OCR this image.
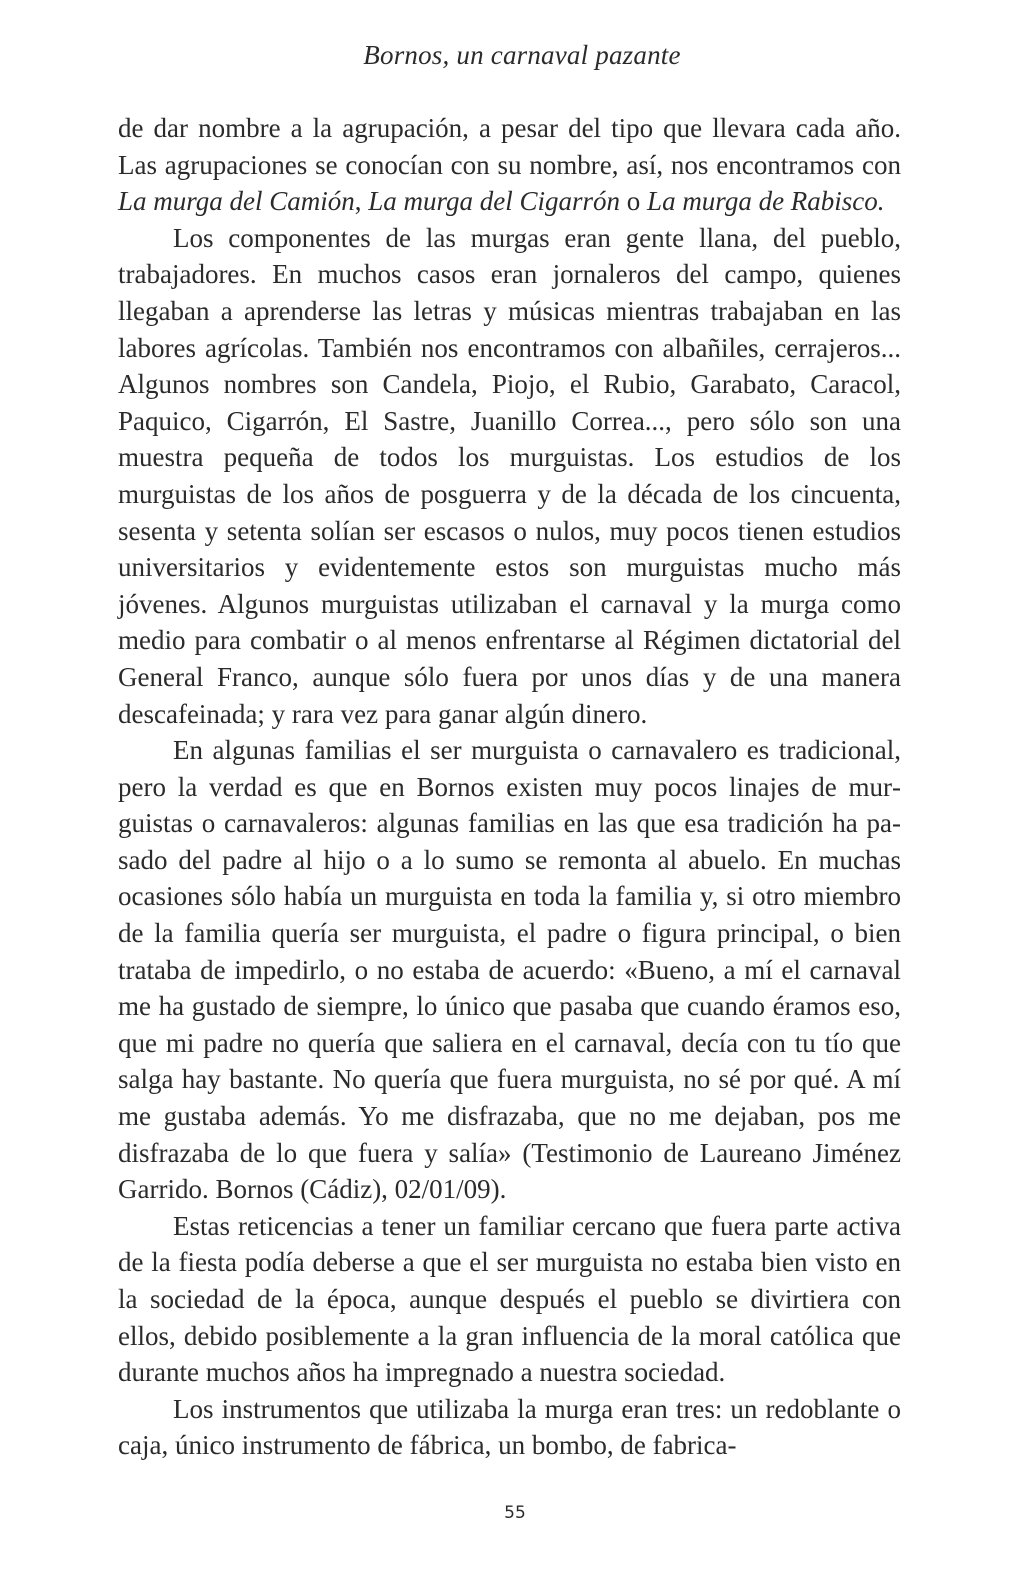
Bornos, un carnaval pazante

de dar nombre a la agrupación, a pesar del tipo que llevara cada año. Las agrupaciones se conocían con su nombre, así, nos encontramos con La murga del Camión, La murga del Cigarrón o La murga de Rabisco.

Los componentes de las murgas eran gente llana, del pueblo, trabajadores. En muchos casos eran jornaleros del campo, quienes llegaban a aprenderse las letras y músicas mientras trabajaban en las labores agrícolas. También nos encontramos con albañiles, cerrajeros... Algunos nombres son Candela, Piojo, el Rubio, Garabato, Caracol, Paquico, Cigarrón, El Sastre, Juanillo Correa..., pero sólo son una muestra pequeña de todos los murguistas. Los estudios de los murguistas de los años de posguerra y de la década de los cincuenta, sesenta y setenta solían ser escasos o nulos, muy pocos tienen estudios universitarios y evidentemente estos son murguistas mucho más jóvenes. Algunos murguistas utilizaban el carnaval y la murga como medio para combatir o al menos enfrentarse al Régimen dictatorial del General Franco, aunque sólo fuera por unos días y de una manera descafeinada; y rara vez para ganar algún dinero.

En algunas familias el ser murguista o carnavalero es tradicional, pero la verdad es que en Bornos existen muy pocos linajes de murguistas o carnavaleros: algunas familias en las que esa tradición ha pasado del padre al hijo o a lo sumo se remonta al abuelo. En muchas ocasiones sólo había un murguista en toda la familia y, si otro miembro de la familia quería ser murguista, el padre o figura principal, o bien trataba de impedirlo, o no estaba de acuerdo: «Bueno, a mí el carnaval me ha gustado de siempre, lo único que pasaba que cuando éramos eso, que mi padre no quería que saliera en el carnaval, decía con tu tío que salga hay bastante. No quería que fuera murguista, no sé por qué. A mí me gustaba además. Yo me disfrazaba, que no me dejaban, pos me disfrazaba de lo que fuera y salía» (Testimonio de Laureano Jiménez Garrido. Bornos (Cádiz), 02/01/09).

Estas reticencias a tener un familiar cercano que fuera parte activa de la fiesta podía deberse a que el ser murguista no estaba bien visto en la sociedad de la época, aunque después el pueblo se divirtiera con ellos, debido posiblemente a la gran influencia de la moral católica que durante muchos años ha impregnado a nuestra sociedad.

Los instrumentos que utilizaba la murga eran tres: un redoblante o caja, único instrumento de fábrica, un bombo, de fabrica-

55
